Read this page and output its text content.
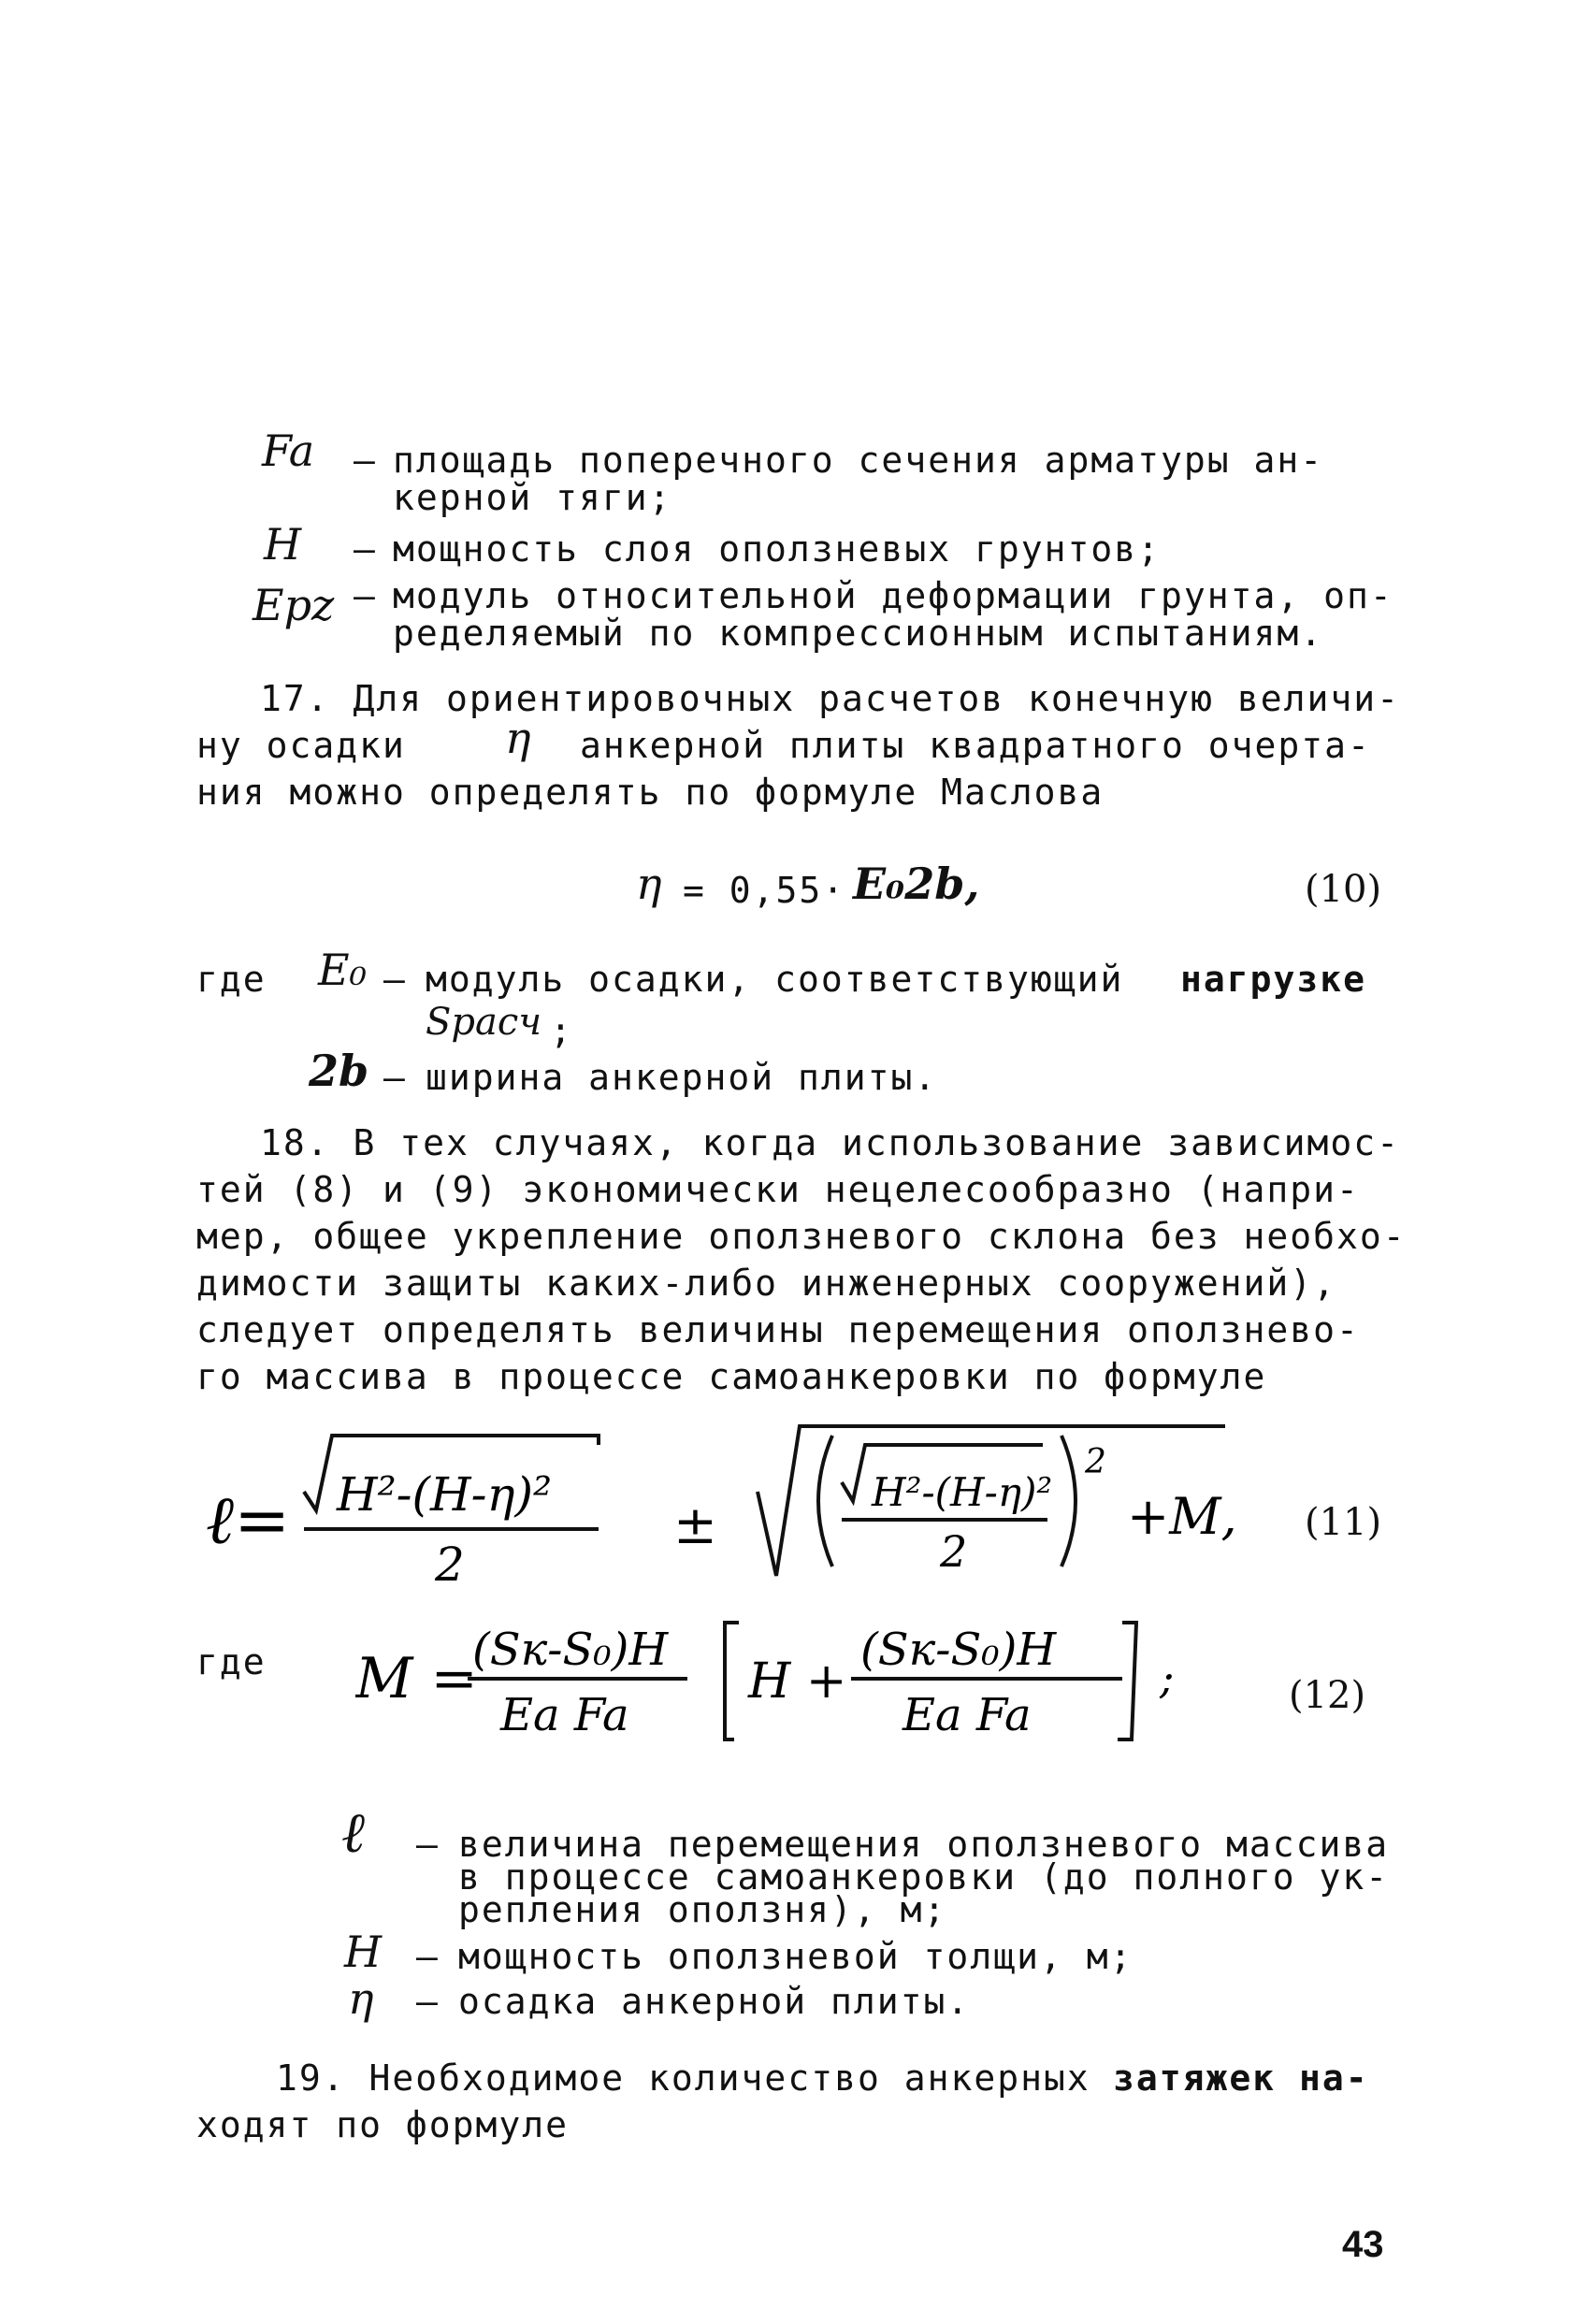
Fa – площадь поперечного сечения арматуры ан-
керной тяги;
H – мощность слоя оползневых грунтов;
Epz – модуль относительной деформации грунта, оп-
ределяемый по компрессионным испытаниям.
17. Для ориентировочных расчетов конечную величи-
ну осадки η анкерной плиты квадратного очерта-
ния можно определять по формуле Маслова
η = 0,55· E₀2b,	(10)
где E₀ – модуль осадки, соответствующий нагрузке
Sрасч ;
2b – ширина анкерной плиты.
18. В тех случаях, когда использование зависимос-
тей (8) и (9) экономически нецелесообразно (напри-
мер, общее укрепление оползневого склона без необхо-
димости защиты каких-либо инженерных сооружений),
следует определять величины перемещения оползнево-
го массива в процессе самоанкеровки по формуле
ℓ= H²-(H-η)²
2
±
H²-(H-η)²
2
2
+M, (11)
где M =
(Sк-S₀)H
Ea Fa
H +
(Sк-S₀)H
Ea Fa
;	(12)
ℓ – величина перемещения оползневого массива
в процессе самоанкеровки (до полного ук-
репления оползня), м;
H – мощность оползневой толщи, м;
η – осадка анкерной плиты.
19. Необходимое количество анкерных затяжек на-
ходят по формуле
43
